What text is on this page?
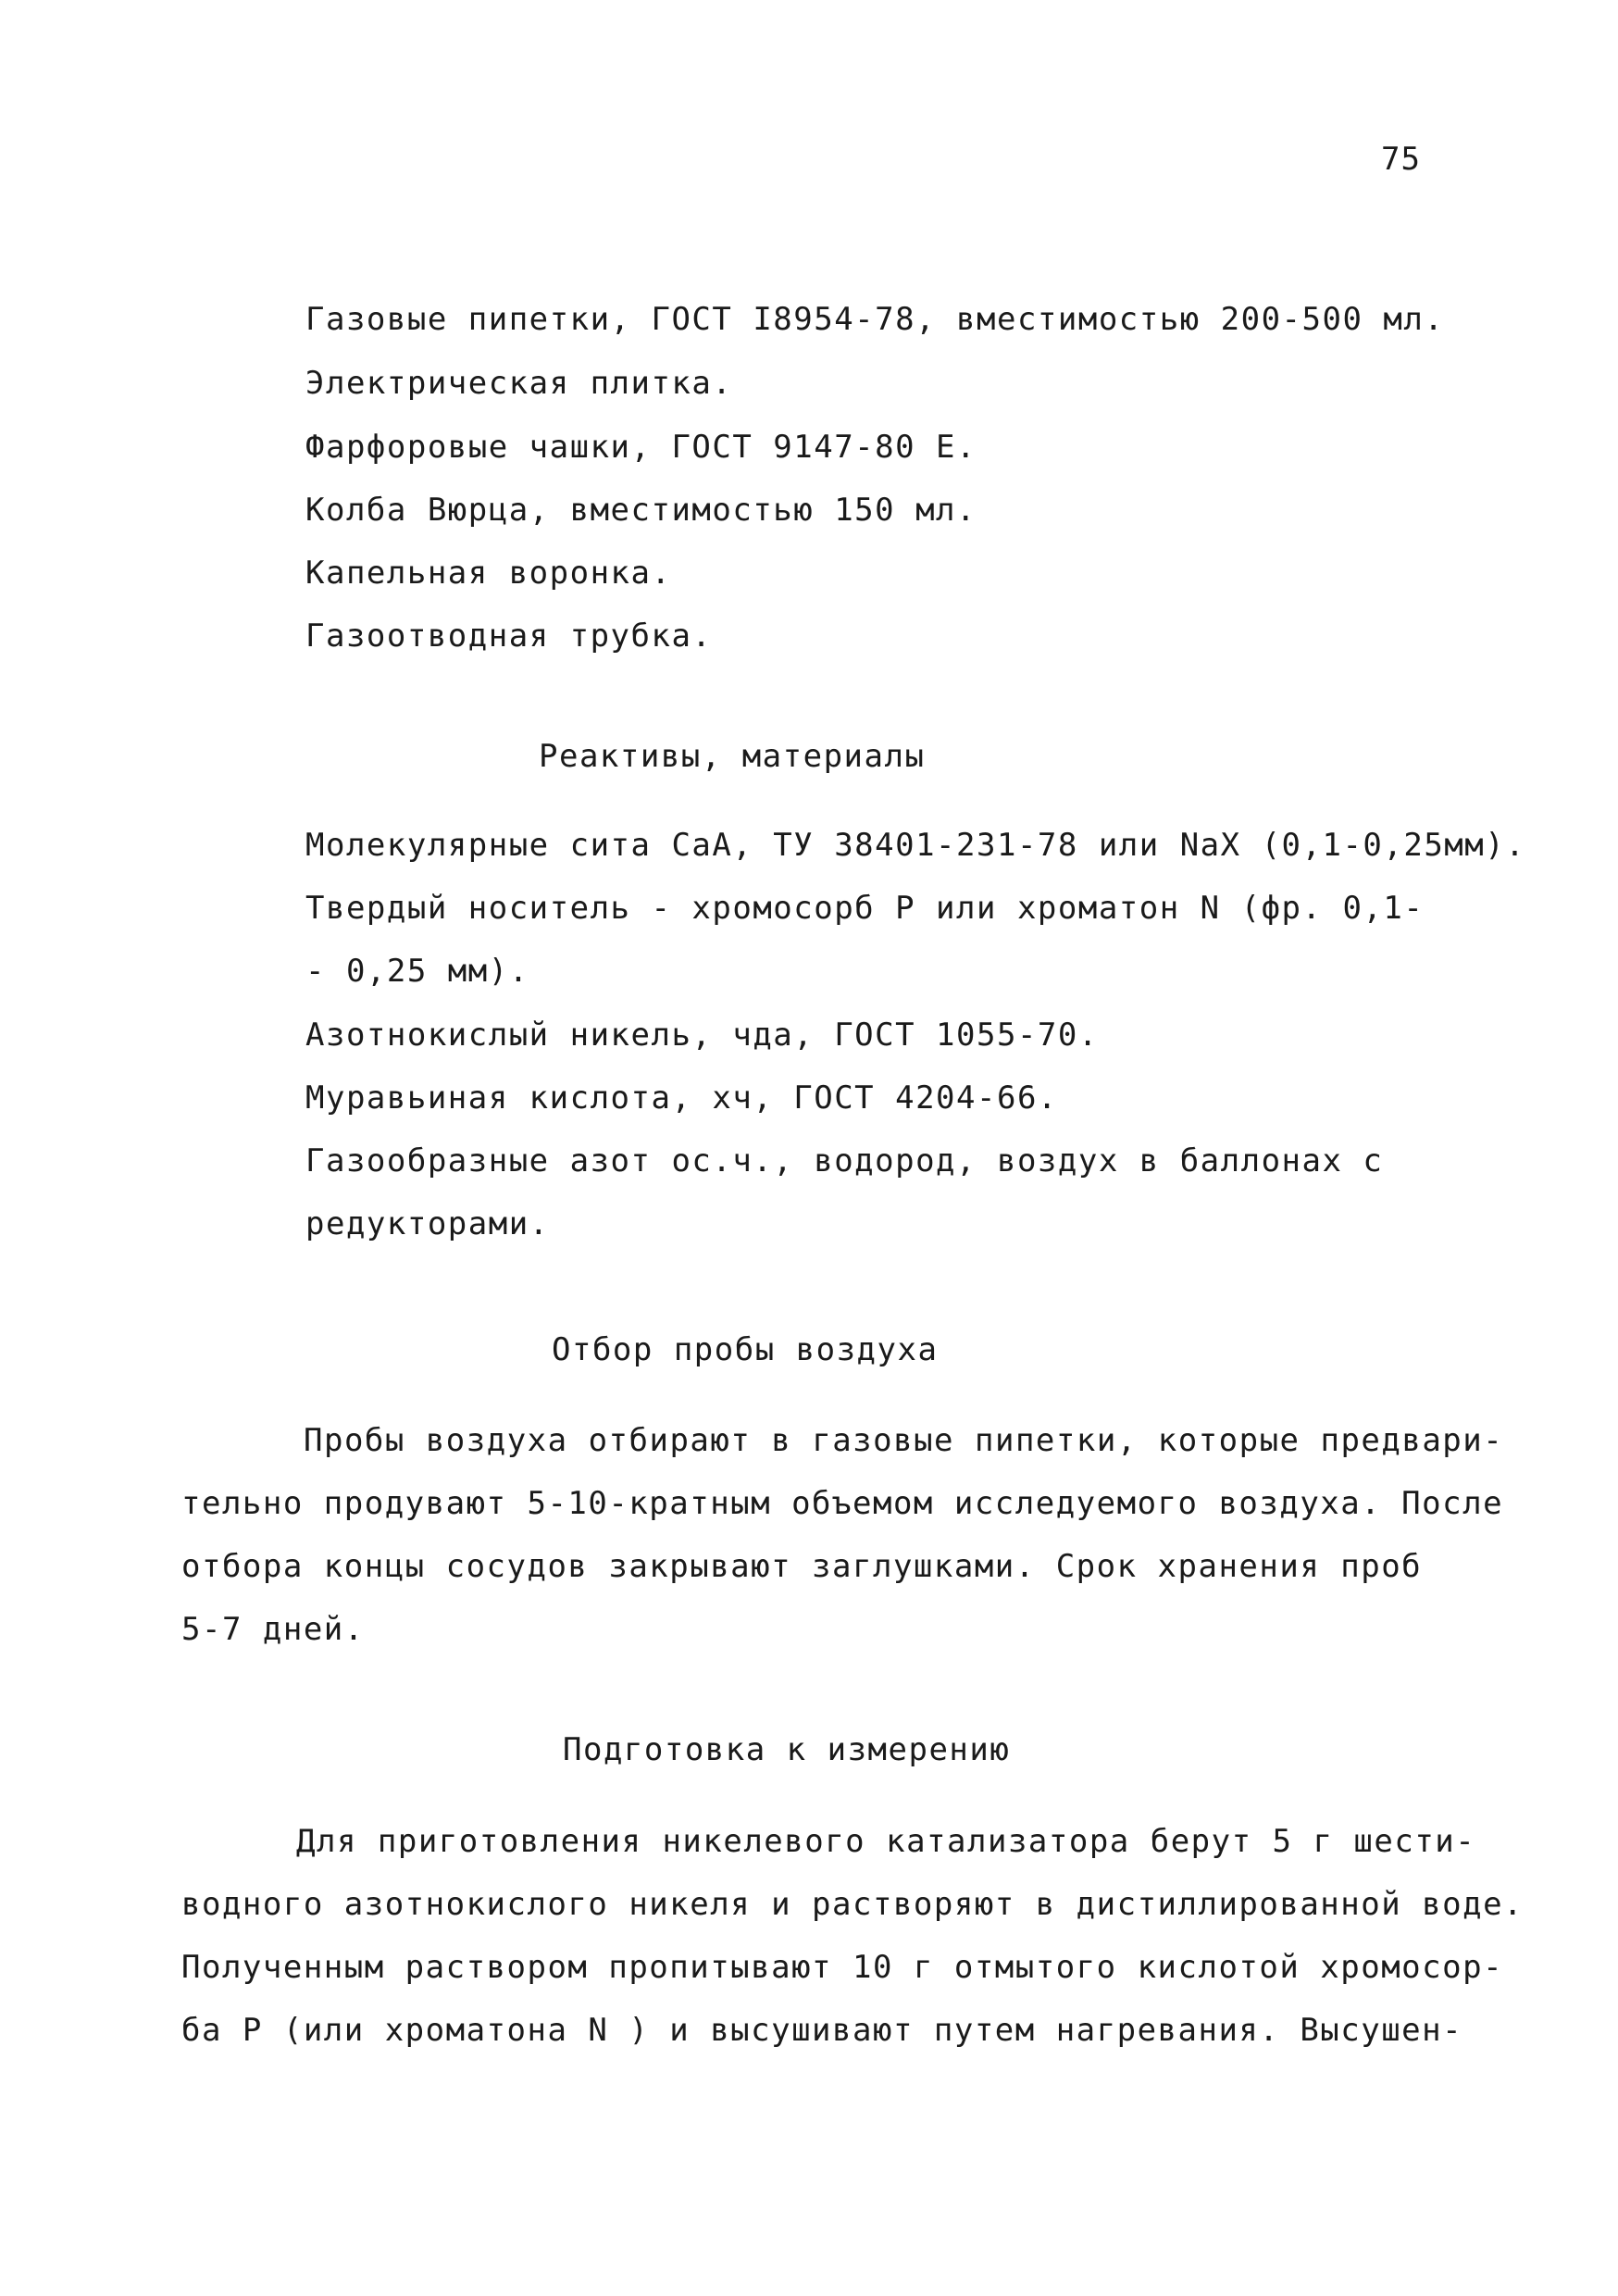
75
Газовые пипетки, ГОСТ I8954-78, вместимостью 200-500 мл.
Электрическая плитка.
Фарфоровые чашки, ГОСТ 9147-80 Е.
Колба Вюрца, вместимостью 150 мл.
Капельная воронка.
Газоотводная трубка.
Реактивы, материалы
Молекулярные сита СаА, ТУ 38401-231-78 или NaX (0,1-0,25мм).
Твердый носитель - хромосорб Р или хроматон N (фр. 0,1-
- 0,25 мм).
Азотнокислый никель, чда, ГОСТ 1055-70.
Муравьиная кислота, хч, ГОСТ 4204-66.
Газообразные азот ос.ч., водород, воздух в баллонах с
редукторами.
Отбор пробы воздуха
Пробы воздуха отбирают в газовые пипетки, которые предвари-
тельно продувают 5-10-кратным объемом исследуемого воздуха. После
отбора концы сосудов закрывают заглушками. Срок хранения проб
5-7 дней.
Подготовка к измерению
Для приготовления никелевого катализатора берут 5 г шести-
водного азотнокислого никеля и растворяют в дистиллированной воде.
Полученным раствором пропитывают 10 г отмытого кислотой хромосор-
ба Р (или хроматона N ) и высушивают путем нагревания. Высушен-
